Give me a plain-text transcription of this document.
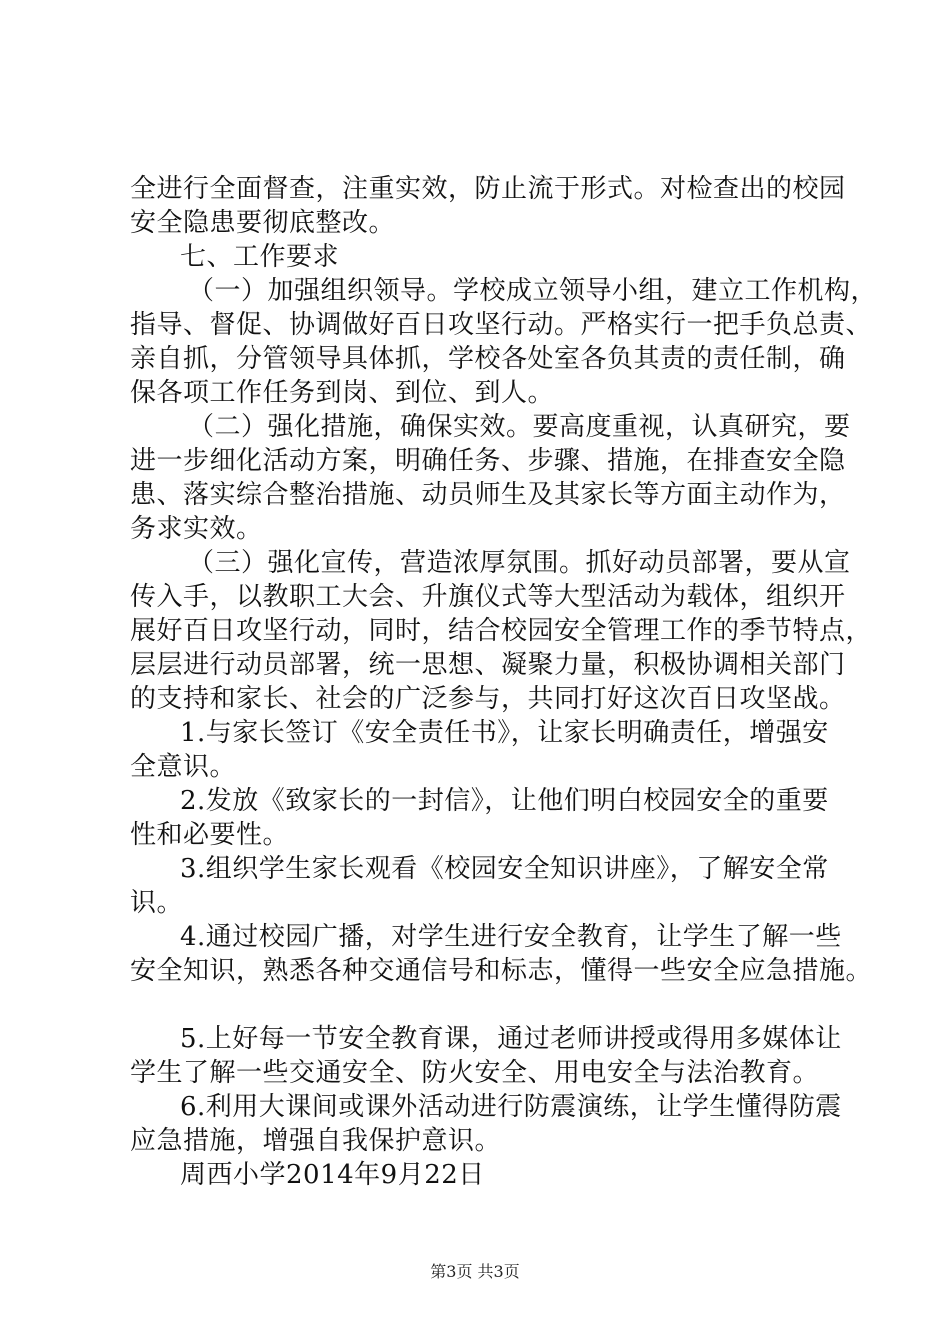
全进行全面督查，注重实效，防止流于形式。对检查出的校园
安全隐患要彻底整改。
七、工作要求
（一）加强组织领导。学校成立领导小组，建立工作机构，
指导、督促、协调做好百日攻坚行动。严格实行一把手负总责、
亲自抓，分管领导具体抓，学校各处室各负其责的责任制，确
保各项工作任务到岗、到位、到人。
（二）强化措施，确保实效。要高度重视，认真研究，要
进一步细化活动方案，明确任务、步骤、措施，在排查安全隐
患、落实综合整治措施、动员师生及其家长等方面主动作为，
务求实效。
（三）强化宣传，营造浓厚氛围。抓好动员部署，要从宣
传入手，以教职工大会、升旗仪式等大型活动为载体，组织开
展好百日攻坚行动，同时，结合校园安全管理工作的季节特点，
层层进行动员部署，统一思想、凝聚力量，积极协调相关部门
的支持和家长、社会的广泛参与，共同打好这次百日攻坚战。
1.与家长签订《安全责任书》，让家长明确责任，增强安
全意识。
2.发放《致家长的一封信》，让他们明白校园安全的重要
性和必要性。
3.组织学生家长观看《校园安全知识讲座》，了解安全常
识。
4.通过校园广播，对学生进行安全教育，让学生了解一些
安全知识，熟悉各种交通信号和标志，懂得一些安全应急措施。
5.上好每一节安全教育课，通过老师讲授或得用多媒体让
学生了解一些交通安全、防火安全、用电安全与法治教育。
6.利用大课间或课外活动进行防震演练，让学生懂得防震
应急措施，增强自我保护意识。
周西小学2014年9月22日
第3页 共3页
